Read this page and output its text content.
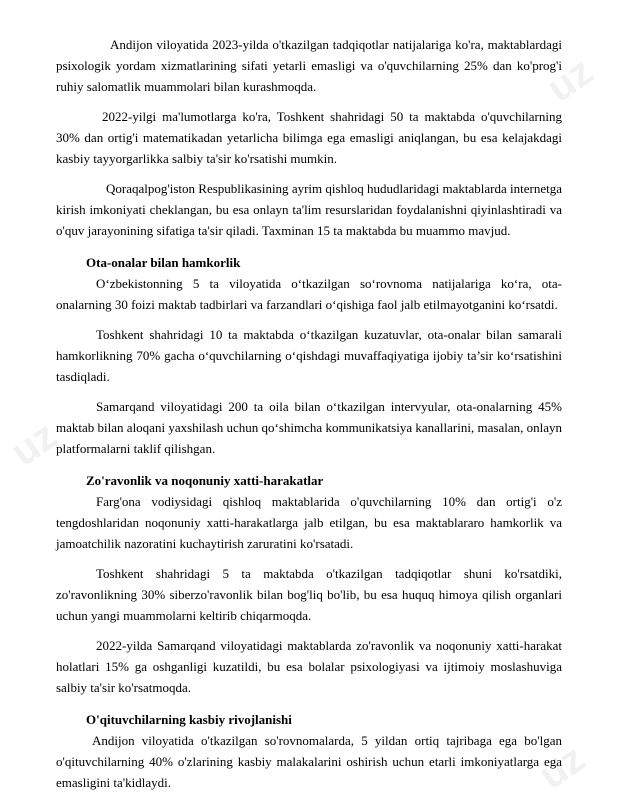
uz
uz
uz

Andijon viloyatida 2023-yilda o'tkazilgan tadqiqotlar natijalariga ko'ra, maktablardagi psixologik yordam xizmatlarining sifati yetarli emasligi va o'quvchilarning 25% dan ko'prog'i ruhiy salomatlik muammolari bilan kurashmoqda.

2022-yilgi ma'lumotlarga ko'ra, Toshkent shahridagi 50 ta maktabda o'quvchilarning 30% dan ortig'i matematikadan yetarlicha bilimga ega emasligi aniqlangan, bu esa kelajakdagi kasbiy tayyorgarlikka salbiy ta'sir ko'rsatishi mumkin.

Qoraqalpog'iston Respublikasining ayrim qishloq hududlaridagi maktablarda internetga kirish imkoniyati cheklangan, bu esa onlayn ta'lim resurslaridan foydalanishni qiyinlashtiradi va o'quv jarayonining sifatiga ta'sir qiladi. Taxminan 15 ta maktabda bu muammo mavjud.

Ota-onalar bilan hamkorlik

O‘zbekistonning 5 ta viloyatida o‘tkazilgan so‘rovnoma natijalariga ko‘ra, ota-onalarning 30 foizi maktab tadbirlari va farzandlari o‘qishiga faol jalb etilmayotganini ko‘rsatdi.

Toshkent shahridagi 10 ta maktabda o‘tkazilgan kuzatuvlar, ota-onalar bilan samarali hamkorlikning 70% gacha o‘quvchilarning o‘qishdagi muvaffaqiyatiga ijobiy ta’sir ko‘rsatishini tasdiqladi.

Samarqand viloyatidagi 200 ta oila bilan o‘tkazilgan intervyular, ota-onalarning 45% maktab bilan aloqani yaxshilash uchun qo‘shimcha kommunikatsiya kanallarini, masalan, onlayn platformalarni taklif qilishgan.

Zo'ravonlik va noqonuniy xatti-harakatlar

Farg'ona vodiysidagi qishloq maktablarida o'quvchilarning 10% dan ortig'i o'z tengdoshlaridan noqonuniy xatti-harakatlarga jalb etilgan, bu esa maktablararo hamkorlik va jamoatchilik nazoratini kuchaytirish zaruratini ko'rsatadi.

Toshkent shahridagi 5 ta maktabda o'tkazilgan tadqiqotlar shuni ko'rsatdiki, zo'ravonlikning 30% siberzo'ravonlik bilan bog'liq bo'lib, bu esa huquq himoya qilish organlari uchun yangi muammolarni keltirib chiqarmoqda.

2022-yilda Samarqand viloyatidagi maktablarda zo'ravonlik va noqonuniy xatti-harakat holatlari 15% ga oshganligi kuzatildi, bu esa bolalar psixologiyasi va ijtimoiy moslashuviga salbiy ta'sir ko'rsatmoqda.

O'qituvchilarning kasbiy rivojlanishi

Andijon viloyatida o'tkazilgan so'rovnomalarda, 5 yildan ortiq tajribaga ega bo'lgan o'qituvchilarning 40% o'zlarining kasbiy malakalarini oshirish uchun etarli imkoniyatlarga ega emasligini ta'kidlaydi.
